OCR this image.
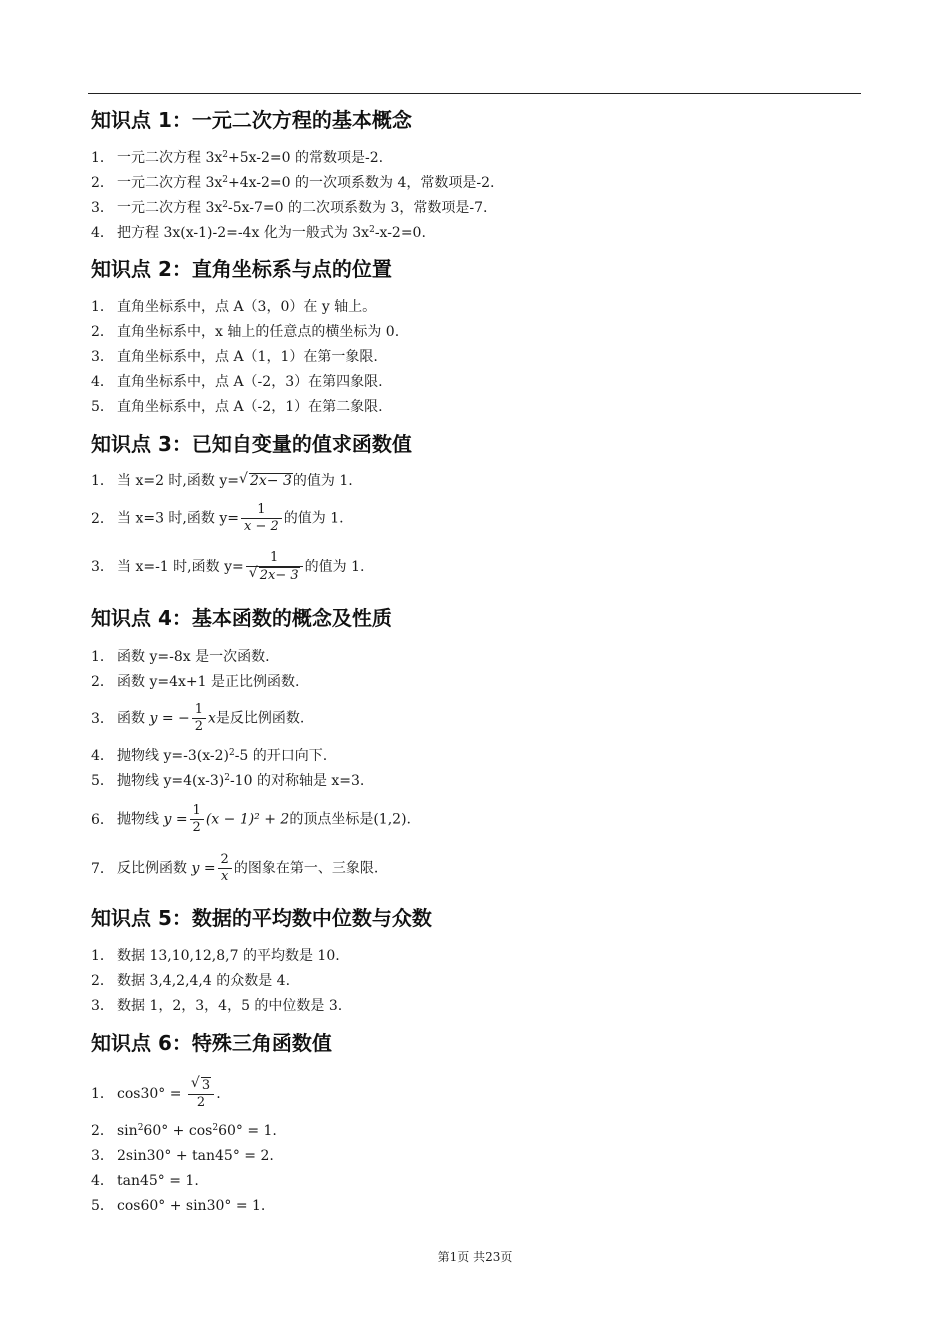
知识点 1：一元二次方程的基本概念
1． 一元二次方程 $3x^2+5x-2=0$ 的常数项是-2.
2． 一元二次方程 $3x^2+4x-2=0$ 的一次项系数为 4，常数项是-2.
3． 一元二次方程 $3x^2-5x-7=0$ 的二次项系数为 3，常数项是-7.
4． 把方程 3x(x-1)-2=-4x 化为一般式为 $3x^2-x-2=0$.
知识点 2：直角坐标系与点的位置
1． 直角坐标系中，点 A（3，0）在 y 轴上。
2． 直角坐标系中，x 轴上的任意点的横坐标为 0.
3． 直角坐标系中，点 A（1，1）在第一象限.
4． 直角坐标系中，点 A（-2，3）在第四象限.
5． 直角坐标系中，点 A（-2，1）在第二象限.
知识点 3：已知自变量的值求函数值
1． 当 x=2 时,函数 y= √ 2x− 3的值为 1.
2． 当 x=3 时,函数 $y= \frac{1}{x - 2}$ 的值为 1.
3． 当 x=-1 时,函数 y= 1
√ 2x− 3 的值为 1.
知识点 4：基本函数的概念及性质
1． 函数 y=-8x 是一次函数.
2． 函数 y=4x+1 是正比例函数.
3． 函数 y = − $\frac{1}{2}$ x是反比例函数.
4． 抛物线 $y=-3(x-2)^2-5$ 的开口向下.
5． 抛物线 $y=4(x-3)^2-10$ 的对称轴是 x=3.
6． 抛物线 $y = \frac{1}{2} (x - 1)^2 + 2$的顶点坐标是(1,2).
7． 反比例函数 $y = \frac{2}{x}$ 的图象在第一、三象限.
知识点 5：数据的平均数中位数与众数
1． 数据 13,10,12,8,7 的平均数是 10.
2． 数据 3,4,2,4,4 的众数是 4.
3． 数据 1，2，3，4，5 的中位数是 3.
知识点 6：特殊三角函数值
1． cos30° = √ $\frac{3}{2}$ .
2． $\sin^260^\circ + \cos^260^\circ = 1$.
3． 2sin30° + tan45° = 2.
4． tan45° = 1.
5． cos60° + sin30° = 1.
第1页 共23页
